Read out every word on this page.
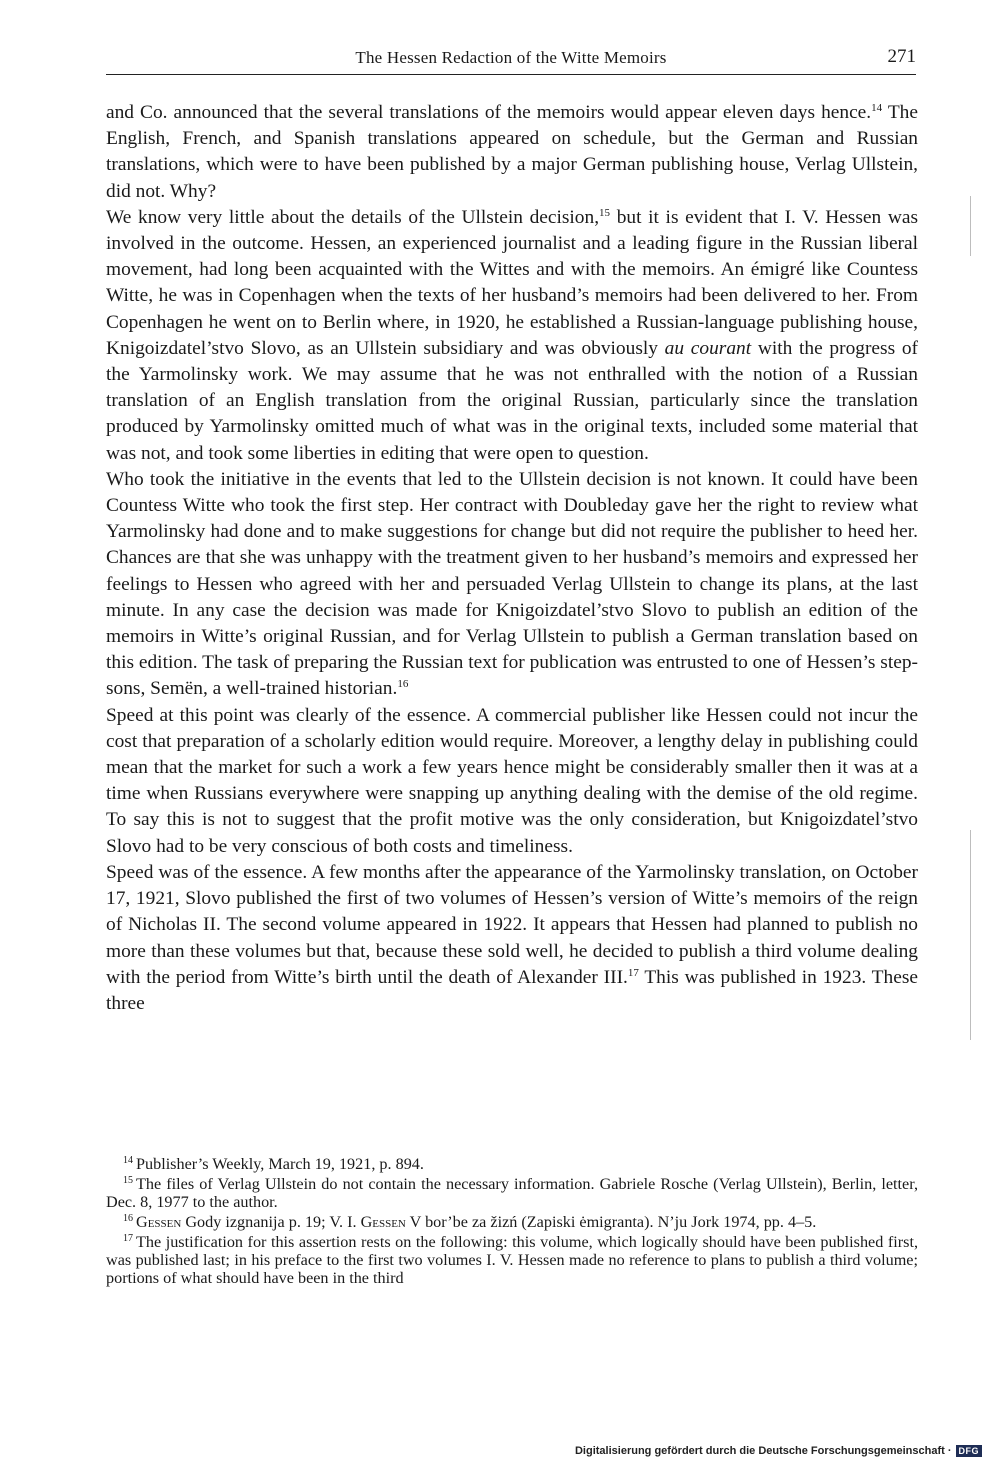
The Hessen Redaction of the Witte Memoirs	271

and Co. announced that the several translations of the memoirs would appear eleven days hence.$^{14}$ The English, French, and Spanish translations appeared on schedule, but the German and Russian translations, which were to have been published by a major German publishing house, Verlag Ullstein, did not. Why?

We know very little about the details of the Ullstein decision,$^{15}$ but it is evident that I. V. Hessen was involved in the outcome. Hessen, an experienced journalist and a leading figure in the Russian liberal movement, had long been acquainted with the Wittes and with the memoirs. An émigré like Countess Witte, he was in Copenhagen when the texts of her husband’s memoirs had been delivered to her. From Copenhagen he went on to Berlin where, in 1920, he established a Russian-language publishing house, Knigoizdatel’stvo Slovo, as an Ullstein subsidiary and was obviously au courant with the progress of the Yarmolinsky work. We may assume that he was not enthralled with the notion of a Russian translation of an English translation from the original Russian, particularly since the translation produced by Yarmolinsky omitted much of what was in the original texts, included some material that was not, and took some liberties in editing that were open to question.

Who took the initiative in the events that led to the Ullstein decision is not known. It could have been Countess Witte who took the first step. Her contract with Doubleday gave her the right to review what Yarmolinsky had done and to make suggestions for change but did not require the publisher to heed her. Chances are that she was unhappy with the treatment given to her husband’s memoirs and expressed her feelings to Hessen who agreed with her and persuaded Verlag Ullstein to change its plans, at the last minute. In any case the decision was made for Knigoizdatel’stvo Slovo to publish an edition of the memoirs in Witte’s original Russian, and for Verlag Ullstein to publish a German translation based on this edition. The task of preparing the Russian text for publication was entrusted to one of Hessen’s step-sons, Semën, a well-trained historian.$^{16}$

Speed at this point was clearly of the essence. A commercial publisher like Hessen could not incur the cost that preparation of a scholarly edition would require. Moreover, a lengthy delay in publishing could mean that the market for such a work a few years hence might be considerably smaller then it was at a time when Russians everywhere were snapping up anything dealing with the demise of the old regime. To say this is not to suggest that the profit motive was the only consideration, but Knigoizdatel’stvo Slovo had to be very conscious of both costs and timeliness.

Speed was of the essence. A few months after the appearance of the Yarmolinsky translation, on October 17, 1921, Slovo published the first of two volumes of Hessen’s version of Witte’s memoirs of the reign of Nicholas II. The second volume appeared in 1922. It appears that Hessen had planned to publish no more than these volumes but that, because these sold well, he decided to publish a third volume dealing with the period from Witte’s birth until the death of Alexander III.$^{17}$ This was published in 1923. These three

$^{14}$ Publisher’s Weekly, March 19, 1921, p. 894.

$^{15}$ The files of Verlag Ullstein do not contain the necessary information. Gabriele Rosche (Verlag Ullstein), Berlin, letter, Dec. 8, 1977 to the author.

$^{16}$ Gessen Gody izgnanija p. 19; V. I. Gessen V bor’be za žizń (Zapiski ėmigranta). N’ju Jork 1974, pp. 4–5.

$^{17}$ The justification for this assertion rests on the following: this volume, which logically should have been published first, was published last; in his preface to the first two volumes I. V. Hessen made no reference to plans to publish a third volume; portions of what should have been in the third

Digitalisierung gefördert durch die Deutsche Forschungsgemeinschaft · DFG
